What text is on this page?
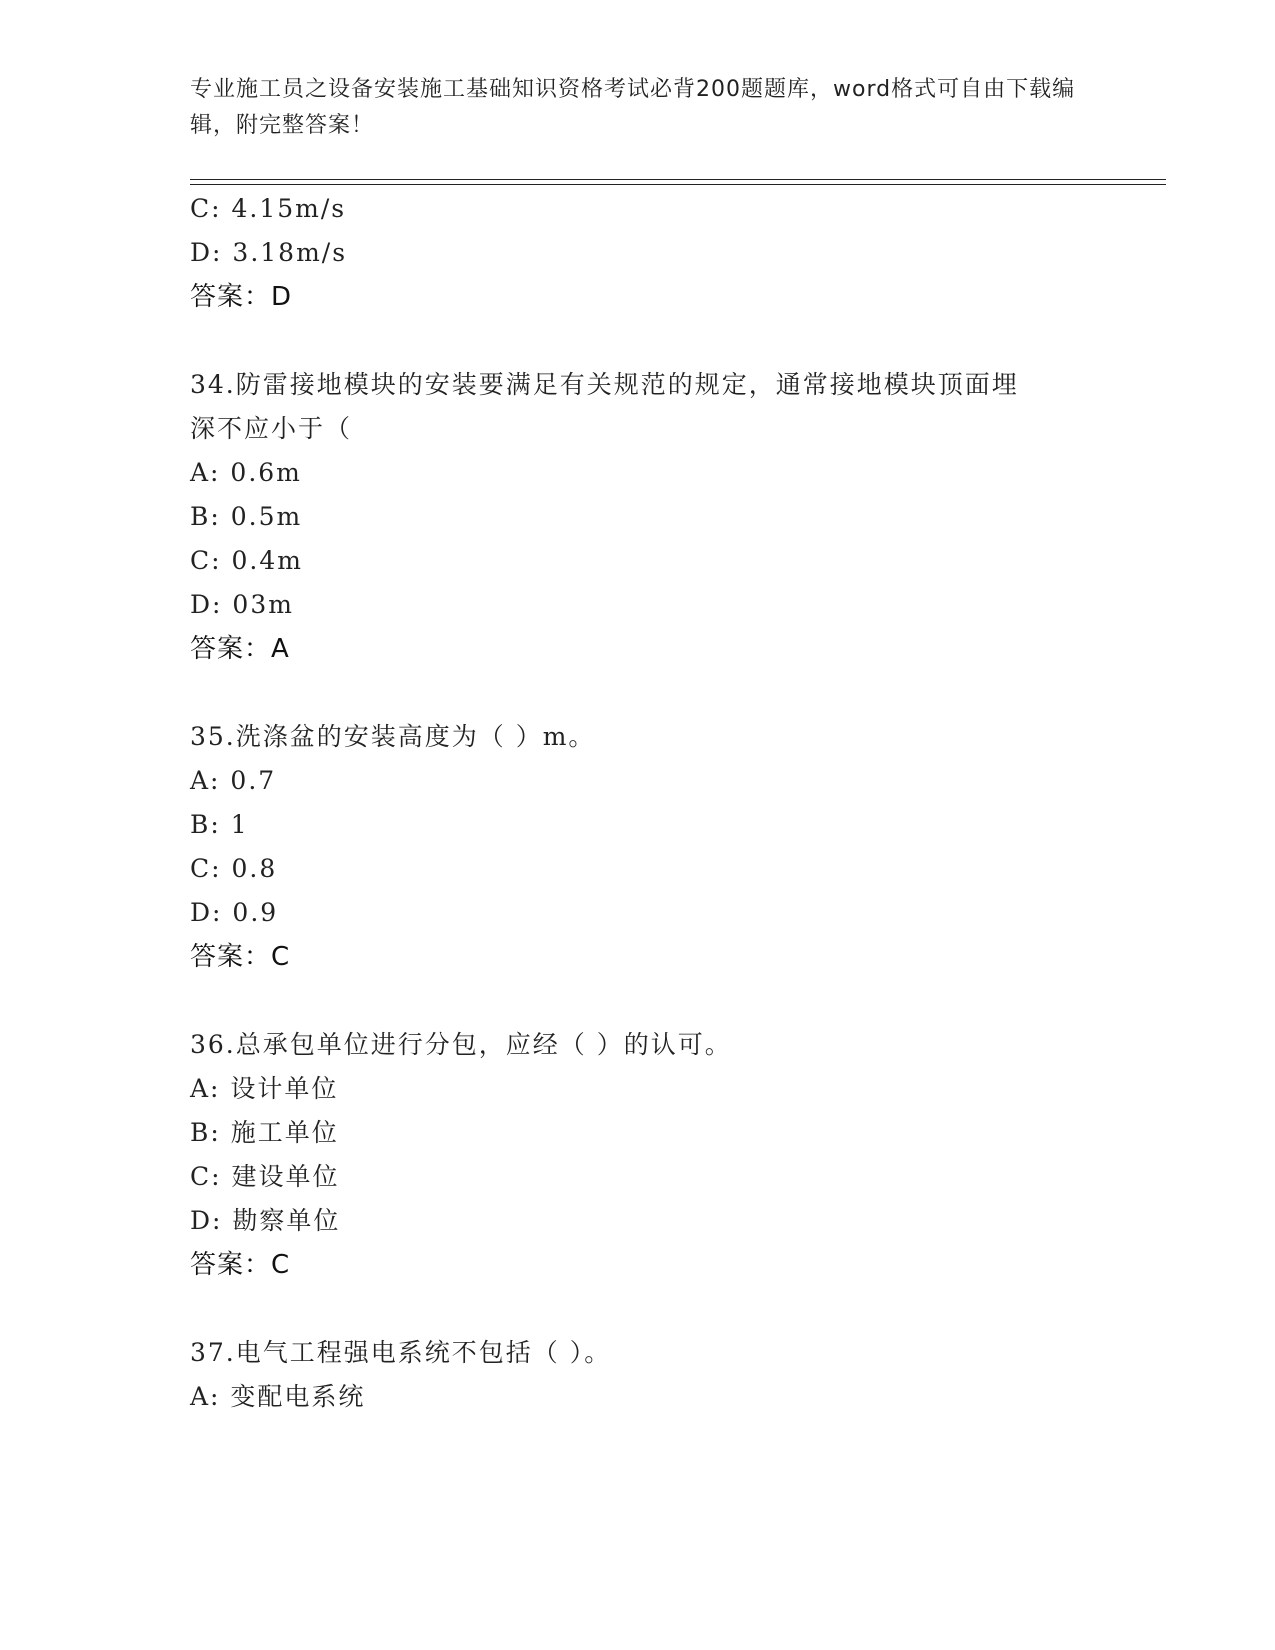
专业施工员之设备安装施工基础知识资格考试必背200题题库，word格式可自由下载编辑，附完整答案！
C: 4.15m/s
D: 3.18m/s
答案：D
34.防雷接地模块的安装要满足有关规范的规定，通常接地模块顶面埋
深不应小于（
A: 0.6m
B: 0.5m
C: 0.4m
D: 03m
答案：A
35.洗涤盆的安装高度为（ ）m。
A: 0.7
B: 1
C: 0.8
D: 0.9
答案：C
36.总承包单位进行分包，应经（ ）的认可。
A: 设计单位
B: 施工单位
C: 建设单位
D: 勘察单位
答案：C
37.电气工程强电系统不包括（ ）。
A: 变配电系统
